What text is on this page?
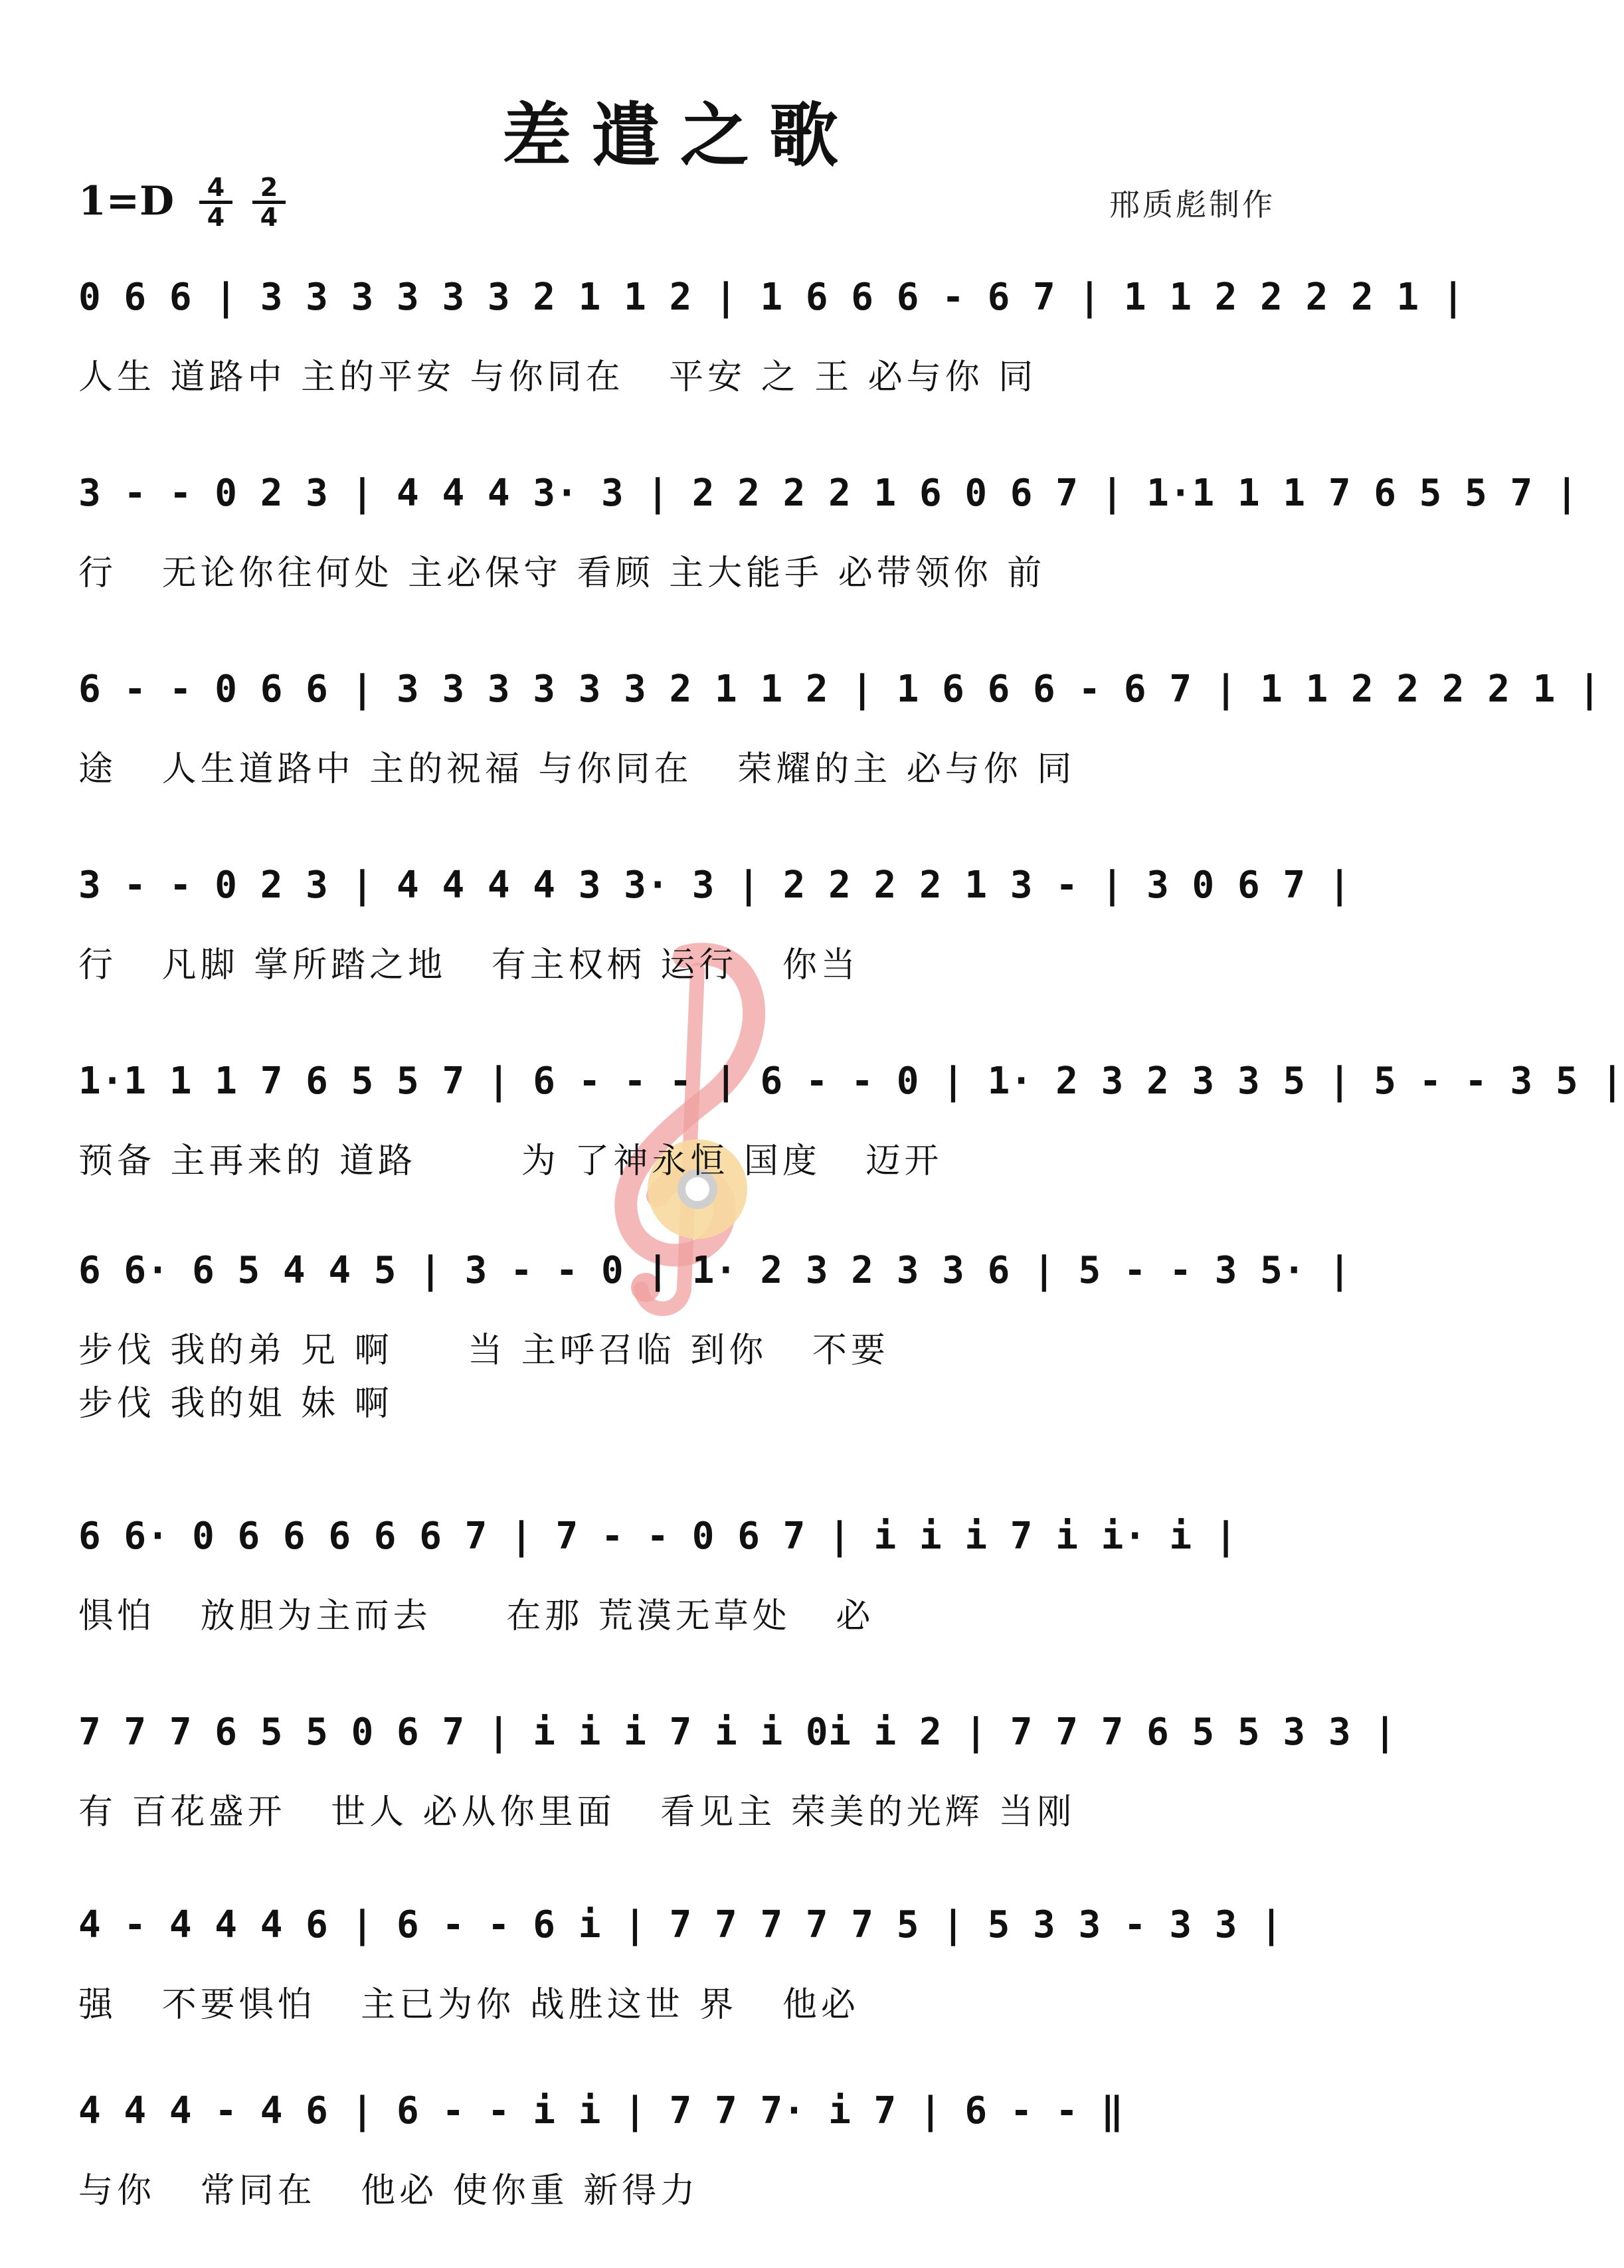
差遣之歌
1=D	4
4
2
4	邢质彪制作
0 6 6 | 3 3 3 3 3 3 2 1 1 2 | 1 6 6 6 - 6 7 | 1 1 2 2 2 2 1 |
人生 道路中 主的平安 与你同在   平安 之 王 必与你 同
3 - - 0 2 3 | 4 4 4 3· 3 | 2 2 2 2 1 6 0 6 7 | 1·1 1 1 7 6 5 5 7 |
行   无论你往何处 主必保守 看顾 主大能手 必带领你 前
6 - - 0 6 6 | 3 3 3 3 3 3 2 1 1 2 | 1 6 6 6 - 6 7 | 1 1 2 2 2 2 1 |
途   人生道路中 主的祝福 与你同在   荣耀的主 必与你 同
3 - - 0 2 3 | 4 4 4 4 3 3· 3 | 2 2 2 2 1 3 - | 3 0 6 7 |
行   凡脚 掌所踏之地   有主权柄 运行   你当
1·1 1 1 7 6 5 5 7 | 6 - - - | 6 - - 0 | 1· 2 3 2 3 3 5 | 5 - - 3 5 |
预备 主再来的 道路       为 了神永恒 国度   迈开
6 6· 6 5 4 4 5 | 3 - - 0 | 1· 2 3 2 3 3 6 | 5 - - 3 5· |
步伐 我的弟 兄 啊     当 主呼召临 到你   不要
步伐 我的姐 妹 啊
6 6· 0 6 6 6 6 6 7 | 7 - - 0 6 7 | i i i 7 i i· i |
惧怕   放胆为主而去     在那 荒漠无草处   必
7 7 7 6 5 5 0 6 7 | i i i 7 i i 0i i 2 | 7 7 7 6 5 5 3 3 |
有 百花盛开   世人 必从你里面   看见主 荣美的光辉 当刚
4 - 4 4 4 6 | 6 - - 6 i | 7 7 7 7 7 5 | 5 3 3 - 3 3 |
强   不要惧怕   主已为你 战胜这世 界   他必
4 4 4 - 4 6 | 6 - - i i | 7 7 7· i 7 | 6 - - ‖
与你   常同在   他必 使你重 新得力
